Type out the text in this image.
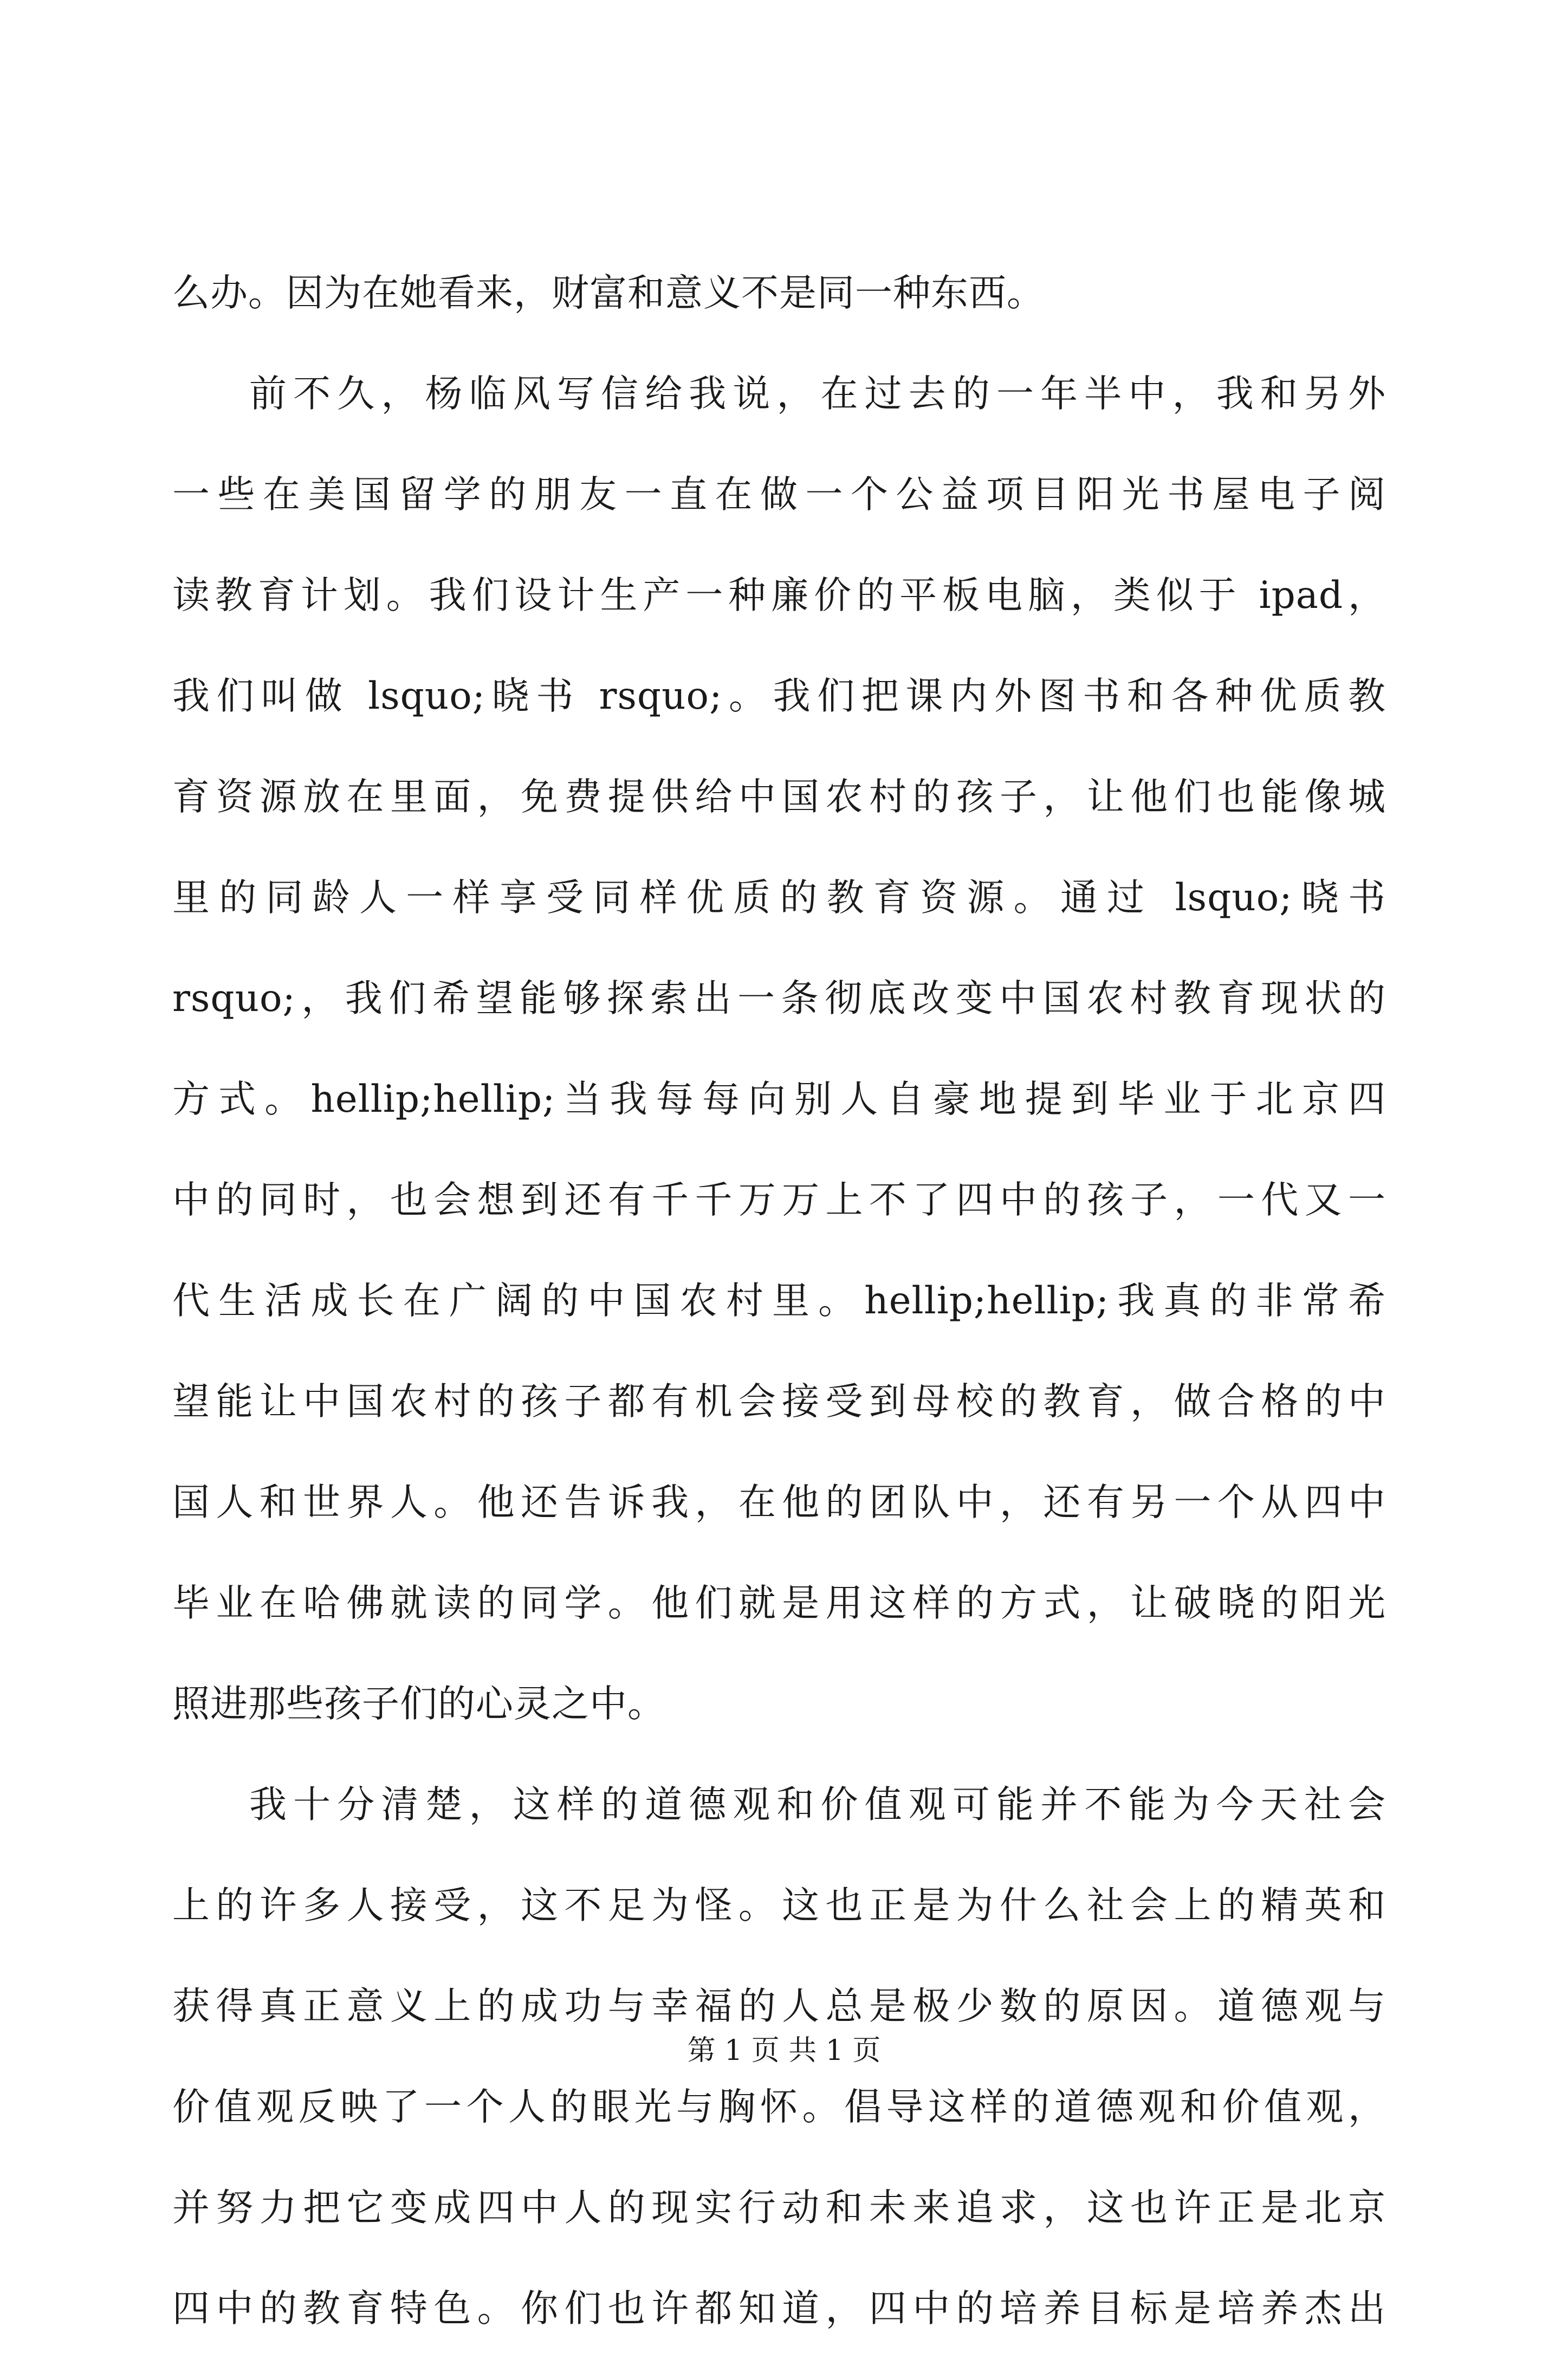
么办。因为在她看来，财富和意义不是同一种东西。
前不久，杨临风写信给我说，在过去的一年半中，我和另外
一些在美国留学的朋友一直在做一个公益项目阳光书屋电子阅
读教育计划。我们设计生产一种廉价的平板电脑，类似于 ipad，
我们叫做 lsquo;晓书 rsquo;。我们把课内外图书和各种优质教
育资源放在里面，免费提供给中国农村的孩子，让他们也能像城
里的同龄人一样享受同样优质的教育资源。通过 lsquo;晓书
rsquo;，我们希望能够探索出一条彻底改变中国农村教育现状的
方式。hellip;hellip;当我每每向别人自豪地提到毕业于北京四
中的同时，也会想到还有千千万万上不了四中的孩子，一代又一
代生活成长在广阔的中国农村里。hellip;hellip;我真的非常希
望能让中国农村的孩子都有机会接受到母校的教育，做合格的中
国人和世界人。他还告诉我，在他的团队中，还有另一个从四中
毕业在哈佛就读的同学。他们就是用这样的方式，让破晓的阳光
照进那些孩子们的心灵之中。
我十分清楚，这样的道德观和价值观可能并不能为今天社会
上的许多人接受，这不足为怪。这也正是为什么社会上的精英和
获得真正意义上的成功与幸福的人总是极少数的原因。道德观与
价值观反映了一个人的眼光与胸怀。倡导这样的道德观和价值观，
并努力把它变成四中人的现实行动和未来追求，这也许正是北京
四中的教育特色。你们也许都知道，四中的培养目标是培养杰出
第 1 页 共 1 页
